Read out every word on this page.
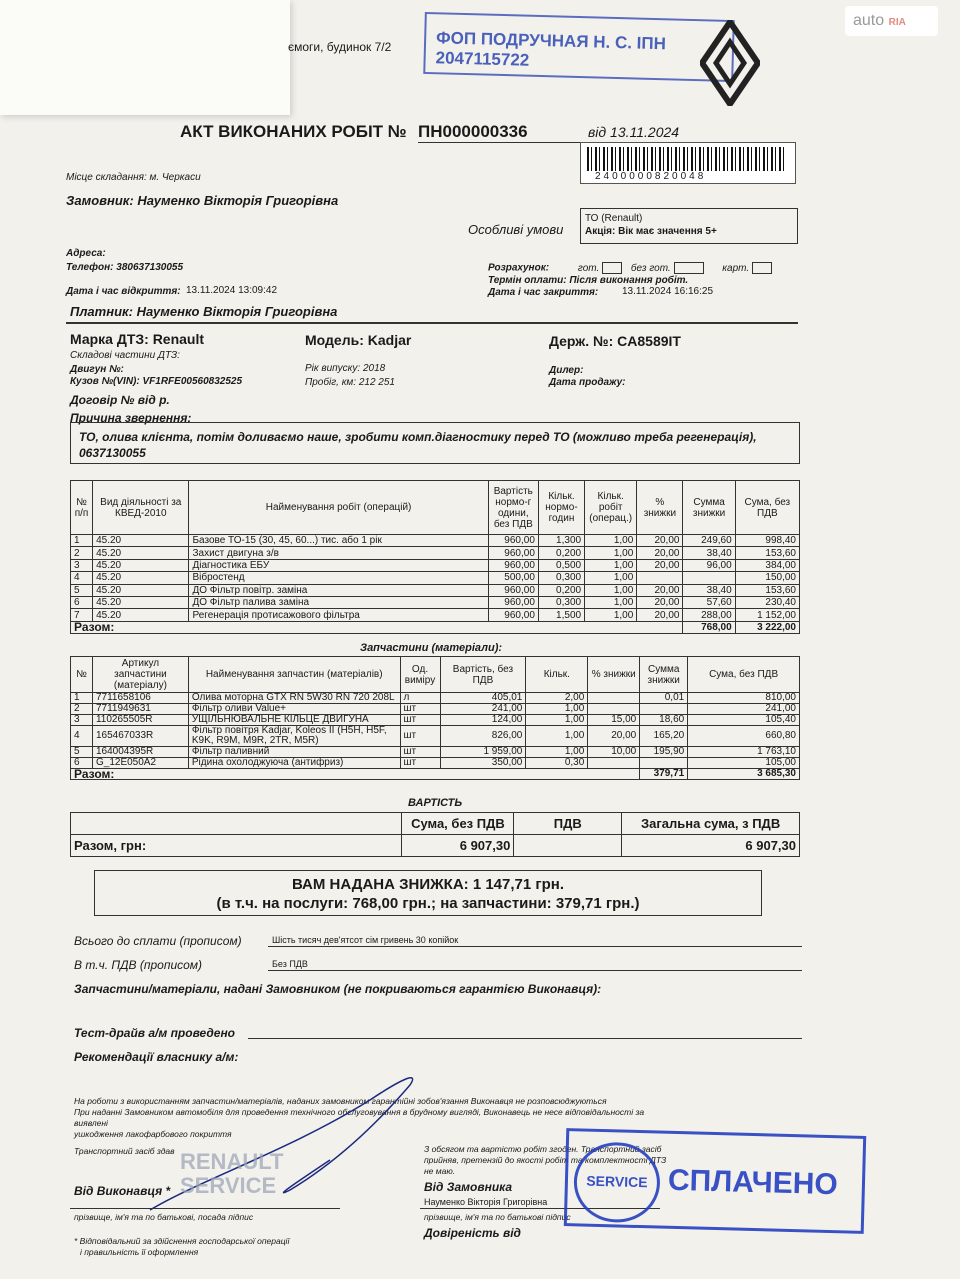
ємоги, будинок 7/2	ФОП ПОДРУЧНАЯ Н. С. ІПН 2047115722
auto RIA
АКТ ВИКОНАНИХ РОБІТ № ПН000000336	від 13.11.2024
2400000820048
Місце складання: м. Черкаси
Замовник: Науменко Вікторія Григорівна
Особливі умови
ТО (Renault)
Акція: Вік має значення 5+
Адреса:
Телефон: 380637130055
Дата і час відкриття: 13.11.2024 13:09:42
Розрахунок:	гот.	без гот.	карт.
Термін оплати: Після виконання робіт.
Дата і час закриття: 13.11.2024 16:16:25
Платник: Науменко Вікторія Григорівна
Марка ДТЗ: Renault	Модель: Kadjar	Держ. №: CA8589IT
Складові частини ДТЗ:
Двигун №:
Кузов №(VIN): VF1RFE00560832525
Рік випуску: 2018
Пробіг, км: 212 251
Дилер:
Дата продажу:
Договір № від р.
Причина звернення:
ТО, олива клієнта, потім доливаємо наше, зробити комп.діагностику перед ТО (можливо треба регенерація), 0637130055
№ п/п	Вид діяльності за КВЕД-2010	Найменування робіт (операцій)	Вартість нормо-г одини, без ПДВ	Кільк. нормо-годин	Кільк. робіт (операц.)	% знижки	Сумма знижки	Сума, без ПДВ
1	45.20	Базове ТО-15 (30, 45, 60...) тис. або 1 рік	960,00	1,300	1,00	20,00	249,60	998,40
2	45.20	Захист двигуна з/в	960,00	0,200	1,00	20,00	38,40	153,60
3	45.20	Діагностика ЕБУ	960,00	0,500	1,00	20,00	96,00	384,00
4	45.20	Вібростенд	500,00	0,300	1,00			150,00
5	45.20	ДО Фільтр повітр. заміна	960,00	0,200	1,00	20,00	38,40	153,60
6	45.20	ДО Фільтр палива заміна	960,00	0,300	1,00	20,00	57,60	230,40
7	45.20	Регенерація протисажового фільтра	960,00	1,500	1,00	20,00	288,00	1 152,00
Разом:							768,00	3 222,00
Запчастини (матеріали):
№	Артикул запчастини (матеріалу)	Найменування запчастин (матеріалів)	Од. виміру	Вартість, без ПДВ	Кільк.	% знижки	Сумма знижки	Сума, без ПДВ
1	7711658106	Олива моторна GTX RN 5W30 RN 720 208L	л	405,01	2,00		0,01	810,00
2	7711949631	Фільтр оливи Value+	шт	241,00	1,00			241,00
3	110265505R	УЩІЛЬНЮВАЛЬНЕ КІЛЬЦЕ ДВИГУНА	шт	124,00	1,00	15,00	18,60	105,40
4	165467033R	Фільтр повітря Kadjar, Koleos II (H5H, H5F, K9K, R9M, M9R, 2TR, M5R)	шт	826,00	1,00	20,00	165,20	660,80
5	164004395R	Фільтр паливний	шт	1 959,00	1,00	10,00	195,90	1 763,10
6	G_12E050A2	Рідина охолоджуюча (антифриз)	шт	350,00	0,30			105,00
Разом:							379,71	3 685,30
ВАРТІСТЬ
	Сума, без ПДВ	ПДВ	Загальна сума, з ПДВ
Разом, грн:	6 907,30		6 907,30
ВАМ НАДАНА ЗНИЖКА: 1 147,71 грн.
(в т.ч. на послуги: 768,00 грн.; на запчастини: 379,71 грн.)
Всього до сплати (прописом)	Шість тисяч дев'ятсот сім гривень 30 копійок
В т.ч. ПДВ (прописом)	Без ПДВ
Запчастини/матеріали, надані Замовником (не покриваються гарантією Виконавця):
Тест-драйв а/м проведено
Рекомендації власнику а/м:
На роботи з використанням запчастин/матеріалів, наданих замовником гарантійні зобов'язання Виконавця не розповсюджуються
При наданні Замовником автомобіля для проведення технічного обслуговування в брудному вигляді, Виконавець не несе відповідальності за виявлені
ушкодження лакофарбового покриття
Транспортний засіб здав
Від Виконавця *
прізвище, ім'я та по батькові, посада підпис
* Відповідальний за здійснення господарської операції
і правильність її оформлення
RENAULT
SERVICE
З обсягом та вартістю робіт згоден. Транспортний засіб прийняв, претензій до якості робіт та комплектності ДТЗ не маю.
Від Замовника
Науменко Вікторія Григорівна
прізвище, ім'я та по батькові підпис
Довіреність від
SERVICE СПЛАЧЕНО
